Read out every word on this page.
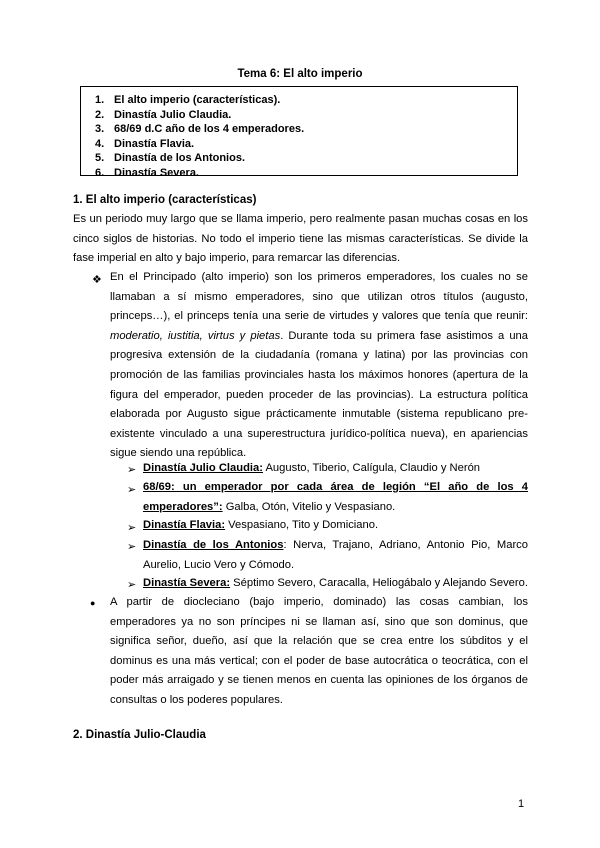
Tema 6: El alto imperio
1. El alto imperio (características).
2. Dinastía Julio Claudia.
3. 68/69 d.C año de los 4 emperadores.
4. Dinastía Flavia.
5. Dinastía de los Antonios.
6. Dinastía Severa.
1. El alto imperio (características)
Es un periodo muy largo que se llama imperio, pero realmente pasan muchas cosas en los cinco siglos de historias. No todo el imperio tiene las mismas características. Se divide la fase imperial en alto y bajo imperio, para remarcar las diferencias.
❖ En el Principado (alto imperio) son los primeros emperadores, los cuales no se llamaban a sí mismo emperadores, sino que utilizan otros títulos (augusto, princeps…), el princeps tenía una serie de virtudes y valores que tenía que reunir: moderatio, iustitia, virtus y pietas. Durante toda su primera fase asistimos a una progresiva extensión de la ciudadanía (romana y latina) por las provincias con promoción de las familias provinciales hasta los máximos honores (apertura de la figura del emperador, pueden proceder de las provincias). La estructura política elaborada por Augusto sigue prácticamente inmutable (sistema republicano pre-existente vinculado a una superestructura jurídico-política nueva), en apariencias sigue siendo una república.
➢ Dinastía Julio Claudia: Augusto, Tiberio, Calígula, Claudio y Nerón
➢ 68/69: un emperador por cada área de legión “El año de los 4 emperadores”: Galba, Otón, Vitelio y Vespasiano.
➢ Dinastía Flavia: Vespasiano, Tito y Domiciano.
➢ Dinastía de los Antonios: Nerva, Trajano, Adriano, Antonio Pio, Marco Aurelio, Lucio Vero y Cómodo.
➢ Dinastía Severa: Séptimo Severo, Caracalla, Heliogábalo y Alejando Severo.
● A partir de diocleciano (bajo imperio, dominado) las cosas cambian, los emperadores ya no son príncipes ni se llaman así, sino que son dominus, que significa señor, dueño, así que la relación que se crea entre los súbditos y el dominus es una más vertical; con el poder de base autocrática o teocrática, con el poder más arraigado y se tienen menos en cuenta las opiniones de los órganos de consultas o los poderes populares.
2. Dinastía Julio-Claudia
1
